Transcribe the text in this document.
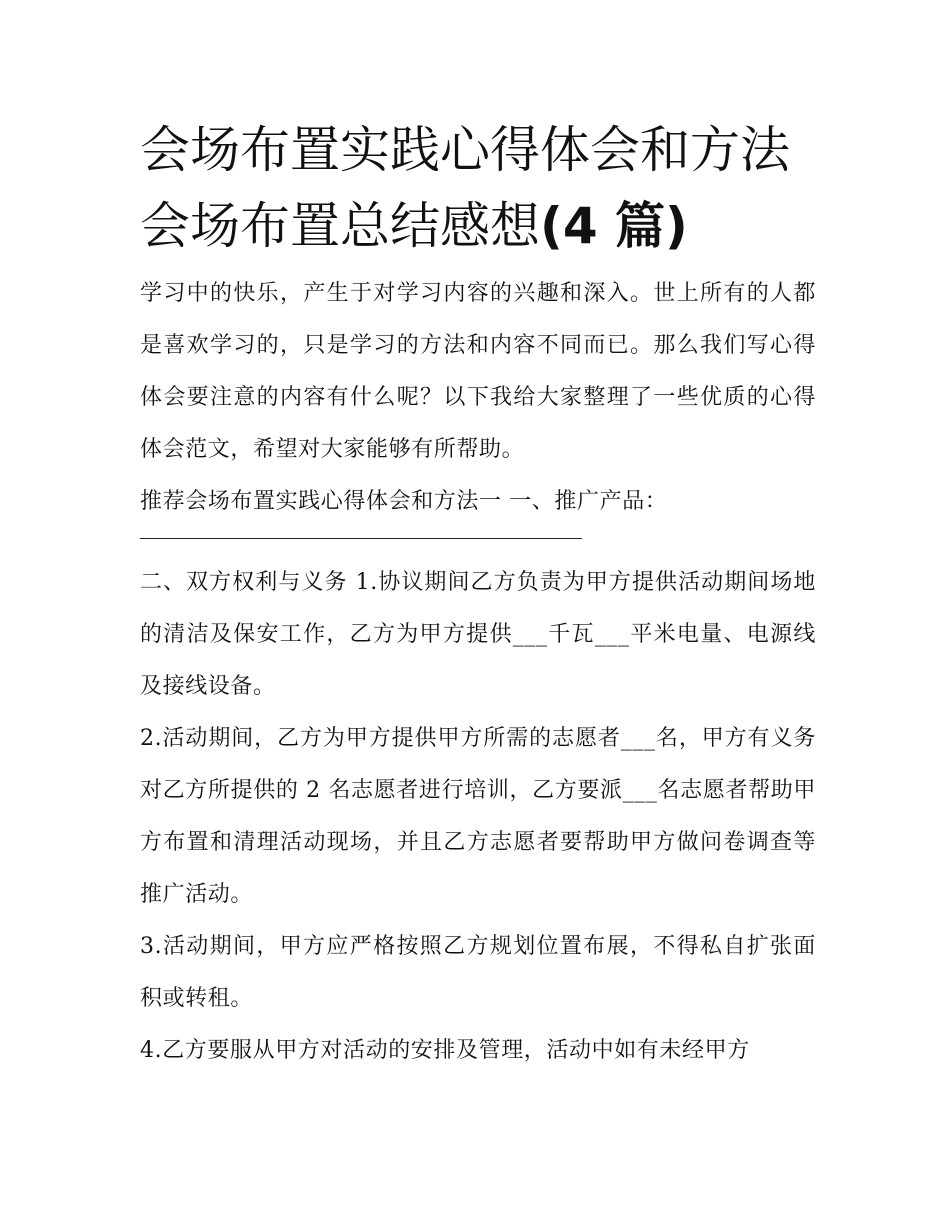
会场布置实践心得体会和方法
会场布置总结感想(4 篇)

学习中的快乐，产生于对学习内容的兴趣和深入。世上所有的人都是喜欢学习的，只是学习的方法和内容不同而已。那么我们写心得体会要注意的内容有什么呢？以下我给大家整理了一些优质的心得体会范文，希望对大家能够有所帮助。

推荐会场布置实践心得体会和方法一 一、推广产品：

二、双方权利与义务 1.协议期间乙方负责为甲方提供活动期间场地的清洁及保安工作，乙方为甲方提供___千瓦___平米电量、电源线及接线设备。

2.活动期间，乙方为甲方提供甲方所需的志愿者___名，甲方有义务对乙方所提供的 2 名志愿者进行培训，乙方要派___名志愿者帮助甲方布置和清理活动现场，并且乙方志愿者要帮助甲方做问卷调查等推广活动。

3.活动期间，甲方应严格按照乙方规划位置布展，不得私自扩张面积或转租。

4.乙方要服从甲方对活动的安排及管理，活动中如有未经甲方
